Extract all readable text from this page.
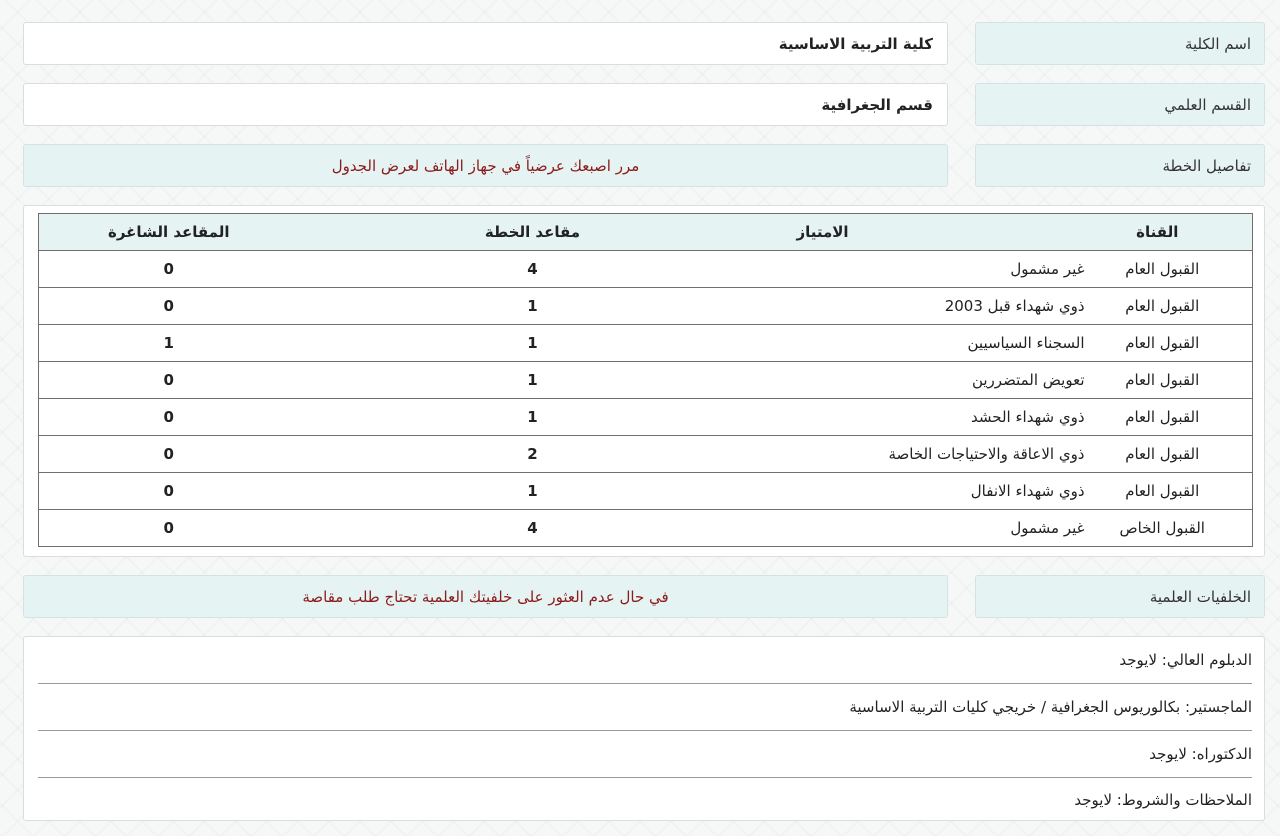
اسم الكلية
كلية التربية الاساسية
القسم العلمي
قسم الجغرافية
تفاصيل الخطة
مرر اصبعك عرضياً في جهاز الهاتف لعرض الجدول
القناة	الامتياز	مقاعد الخطة	المقاعد الشاغرة
القبول العام	غير مشمول	4	0
القبول العام	ذوي شهداء قبل 2003	1	0
القبول العام	السجناء السياسيين	1	1
القبول العام	تعويض المتضررين	1	0
القبول العام	ذوي شهداء الحشد	1	0
القبول العام	ذوي الاعاقة والاحتياجات الخاصة	2	0
القبول العام	ذوي شهداء الانفال	1	0
القبول الخاص	غير مشمول	4	0
الخلفيات العلمية
في حال عدم العثور على خلفيتك العلمية تحتاج طلب مقاصة
الدبلوم العالي: لايوجد
الماجستير: بكالوريوس الجغرافية / خريجي كليات التربية الاساسية
الدكتوراه: لايوجد
الملاحظات والشروط: لايوجد
